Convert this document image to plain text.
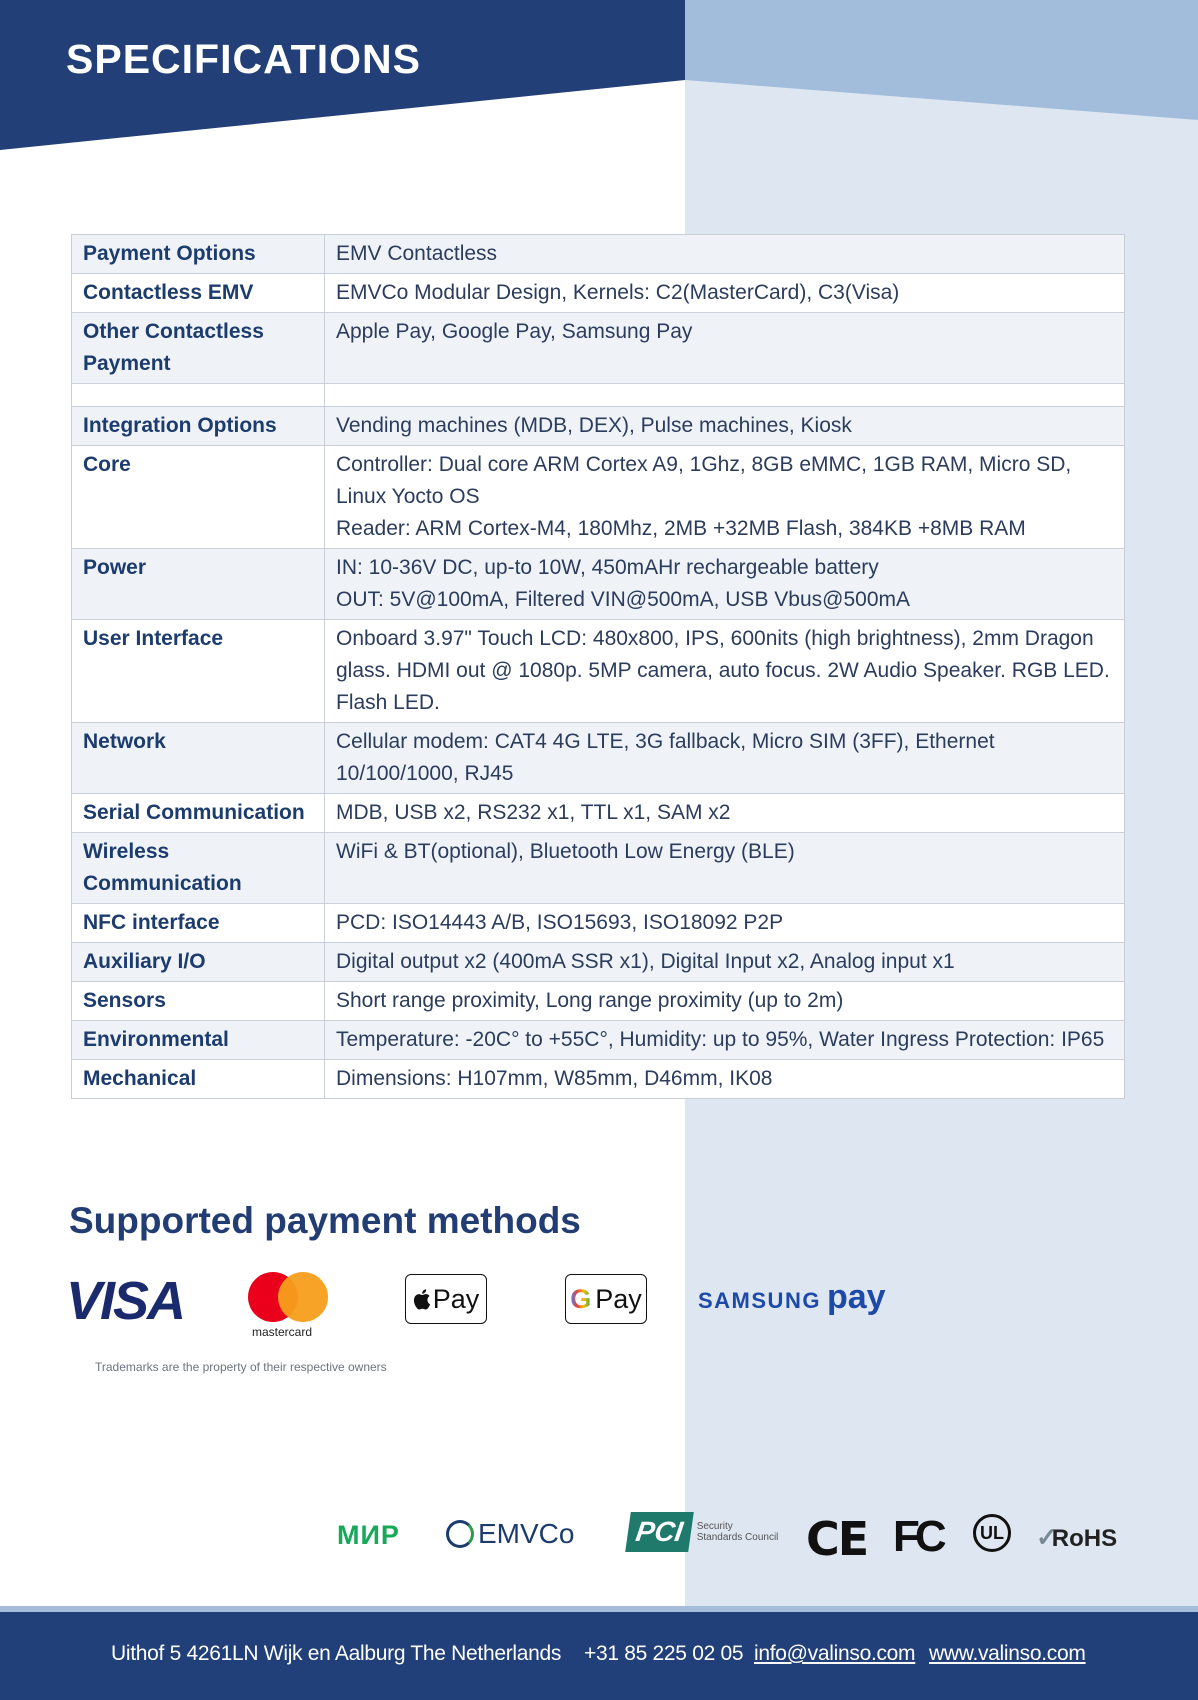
SPECIFICATIONS
Payment Options	EMV Contactless

Contactless EMV	EMVCo Modular Design, Kernels: C2(MasterCard), C3(Visa)

Other Contactless Payment	Apple Pay, Google Pay, Samsung Pay

Integration Options	Vending machines (MDB, DEX), Pulse machines, Kiosk

Core	Controller: Dual core ARM Cortex A9, 1Ghz, 8GB eMMC, 1GB RAM, Micro SD, Linux Yocto OS
Reader: ARM Cortex-M4, 180Mhz, 2MB +32MB Flash, 384KB +8MB RAM

Power	IN: 10-36V DC, up-to 10W, 450mAHr rechargeable battery
OUT: 5V@100mA, Filtered VIN@500mA, USB Vbus@500mA

User Interface	Onboard 3.97" Touch LCD: 480x800, IPS, 600nits (high brightness), 2mm Dragon glass. HDMI out @ 1080p. 5MP camera, auto focus. 2W Audio Speaker. RGB LED. Flash LED.

Network	Cellular modem: CAT4 4G LTE, 3G fallback, Micro SIM (3FF), Ethernet 10/100/1000, RJ45

Serial Communication	MDB, USB x2, RS232 x1, TTL x1, SAM x2

Wireless Communication	WiFi & BT(optional), Bluetooth Low Energy (BLE)

NFC interface	PCD: ISO14443 A/B, ISO15693, ISO18092 P2P

Auxiliary I/O	Digital output x2 (400mA SSR x1), Digital Input x2, Analog input x1

Sensors	Short range proximity, Long range proximity (up to 2m)

Environmental	Temperature: -20C° to +55C°, Humidity: up to 95%, Water Ingress Protection: IP65

Mechanical	Dimensions: H107mm, W85mm, D46mm, IK08
Supported payment methods
VISA
mastercard
Pay	G Pay	SAMSUNG pay

Trademarks are the property of their respective owners

МИР	EMVCo	PCI	Security
Standards Council CE FC	UL ✓RoHS
Uithof 5 4261LN Wijk en Aalburg The Netherlands +31 85 225 02 05 info@valinso.com www.valinso.com
